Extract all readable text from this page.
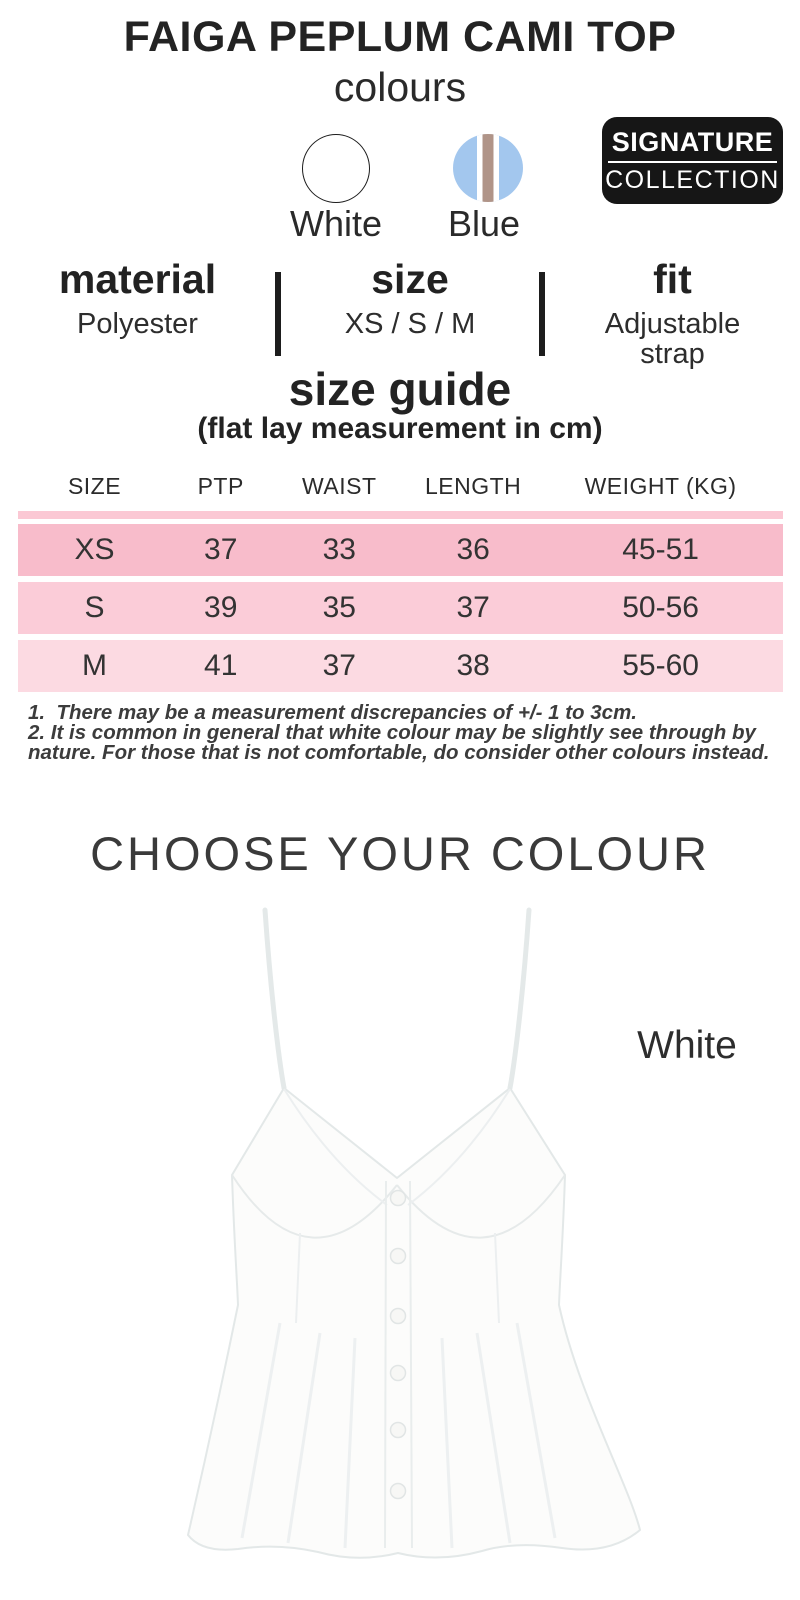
FAIGA PEPLUM CAMI TOP
colours
White	Blue
SIGNATURE
COLLECTION
material
Polyester
size
XS / S / M
fit
Adjustable strap
size guide
(flat lay measurement in cm)
SIZE	PTP	WAIST	LENGTH	WEIGHT (KG)
XS	37	33	36	45-51
S	39	35	37	50-56
M	41	37	38	55-60

1.  There may be a measurement discrepancies of +/- 1 to 3cm.

2. It is common in general that white colour may be slightly see through by nature. For those that is not comfortable, do consider other colours instead.

CHOOSE YOUR COLOUR
White
